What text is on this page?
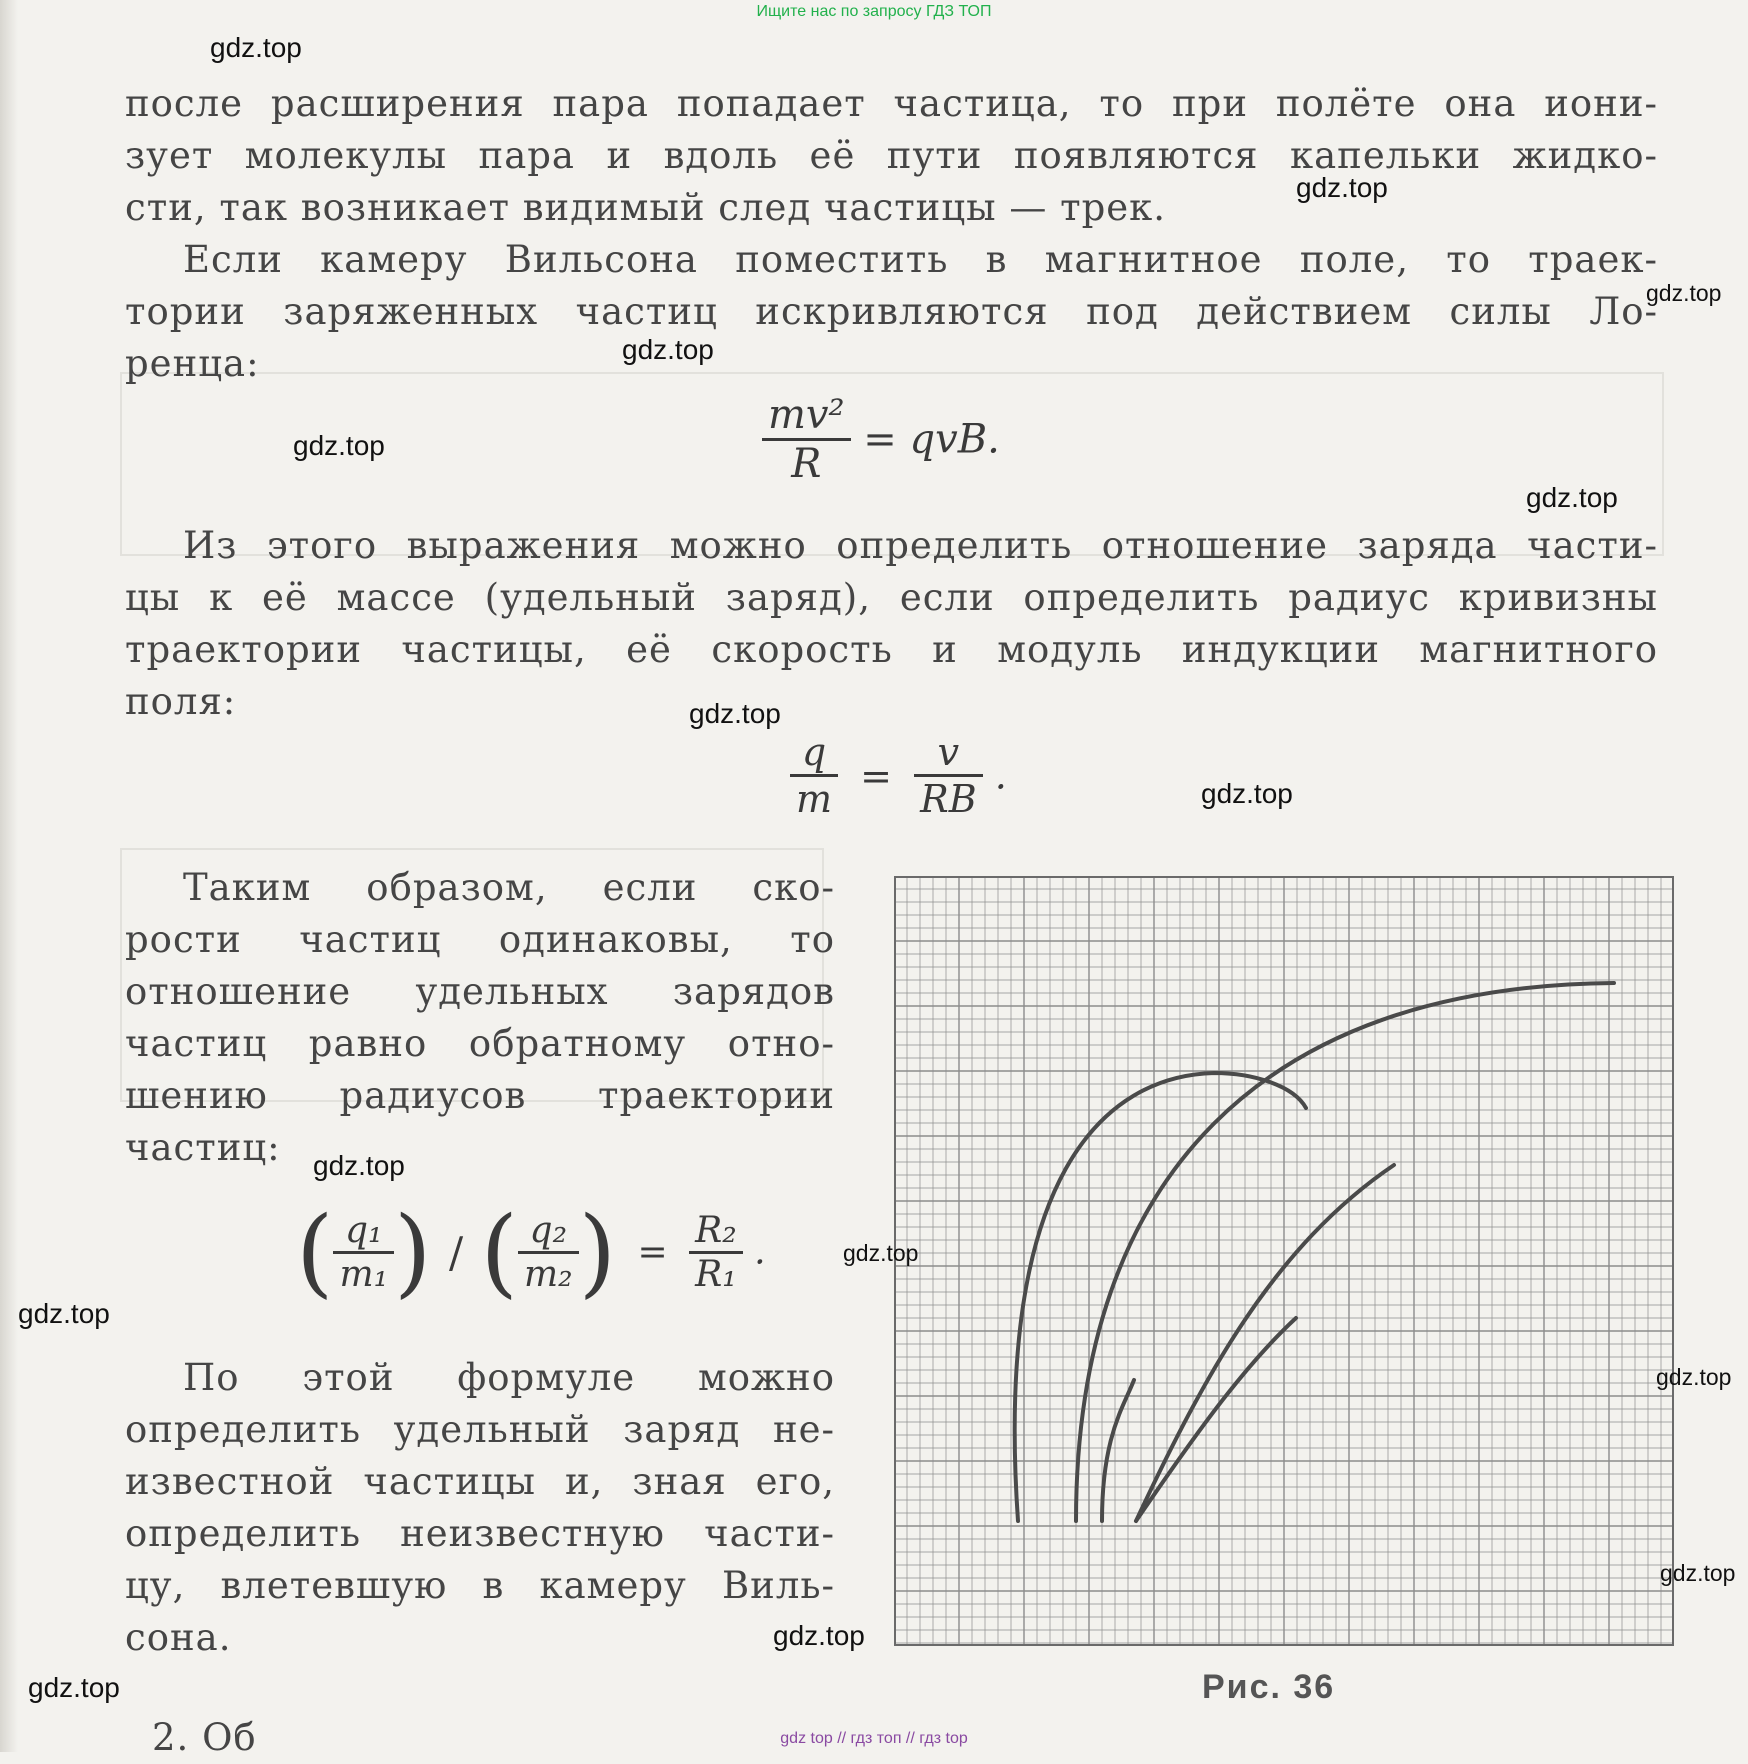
Ищите нас по запросу ГДЗ ТОП
после расширения пара попадает частица, то при полёте она иони-
зует молекулы пара и вдоль её пути появляются капельки жидко-
сти, так возникает видимый след частицы — трек.
Если камеру Вильсона поместить в магнитное поле, то траек-
тории заряженных частиц искривляются под действием силы Ло-
ренца:
$\frac{\text{mv²}}{R}$ = qvB.
Из этого выражения можно определить отношение заряда части-
цы к её массе (удельный заряд), если определить радиус кривизны
траектории частицы, её скорость и модуль индукции магнитного
поля:
$\frac{q}{m} = \frac{v}{RB}$ .
Таким образом, если ско-
рости частиц одинаковы, то
отношение удельных зарядов
частиц равно обратному отно-
шению радиусов траектории
частиц:
( $\frac{\text{q₁}}{\text{m₁}}$ ) / ( $\frac{\text{q₂}}{\text{m₂}}$ ) = $\frac{\text{R₂}}{\text{R₁}}$ .
По этой формуле можно
определить удельный заряд не-
известной частицы и, зная его,
определить неизвестную части-
цу, влетевшую в камеру Виль-
сона.
2. Об
Рис. 36
gdz.top
gdz.top
gdz.top
gdz.top
gdz.top
gdz.top
gdz.top
gdz.top
gdz.top
gdz.top
gdz.top
gdz.top
gdz.top
gdz.top
gdz.top
gdz top // гдз топ // гдз top
